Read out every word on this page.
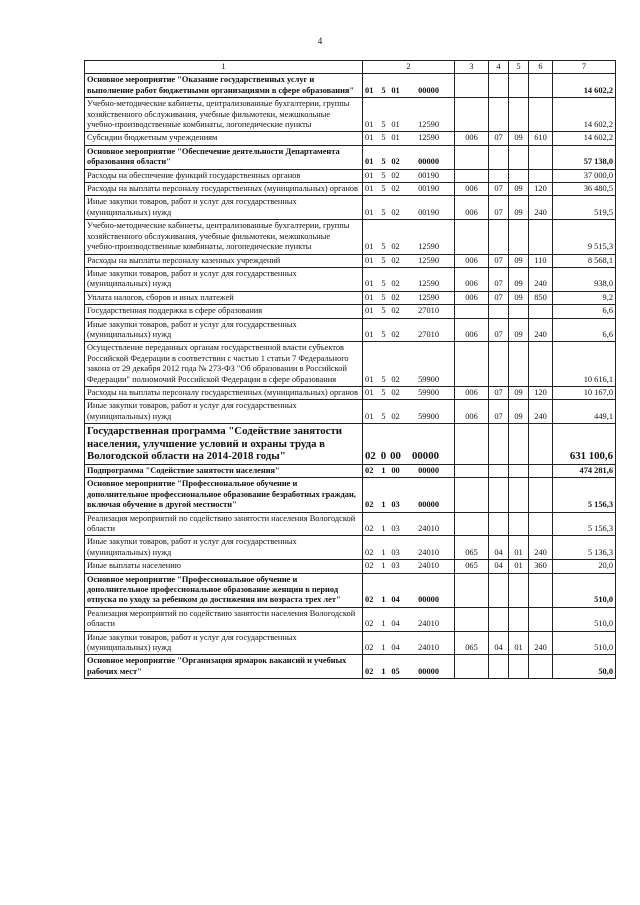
4
1	2	3	4	5	6	7
Основное мероприятие "Оказание государственных услуг и выполнение работ бюджетными организациями в сфере образования"	01 5 01 00000					14 602,2
Учебно-методические кабинеты, централизованные бухгалтерии, группы хозяйственного обслуживания, учебные фильмотеки, межшкольные учебно-производственные комбинаты, логопедические пункты	01 5 01 12590					14 602,2
Субсидии бюджетным учреждениям	01 5 01 12590	006	07	09	610	14 602,2
Основное мероприятие "Обеспечение деятельности Департамента образования области"	01 5 02 00000					57 138,0
Расходы на обеспечение функций государственных органов	01 5 02 00190					37 000,0
Расходы на выплаты персоналу государственных (муниципальных) органов	01 5 02 00190	006	07	09	120	36 480,5
Иные закупки товаров, работ и услуг для государственных (муниципальных) нужд	01 5 02 00190	006	07	09	240	519,5
Учебно-методические кабинеты, централизованные бухгалтерии, группы хозяйственного обслуживания, учебные фильмотеки, межшкольные учебно-производственные комбинаты, логопедические пункты	01 5 02 12590					9 515,3
Расходы на выплаты персоналу казенных учреждений	01 5 02 12590	006	07	09	110	8 568,1
Иные закупки товаров, работ и услуг для государственных (муниципальных) нужд	01 5 02 12590	006	07	09	240	938,0
Уплата налогов, сборов и иных платежей	01 5 02 12590	006	07	09	850	9,2
Государственная поддержка в сфере образования	01 5 02 27010					6,6
Иные закупки товаров, работ и услуг для государственных (муниципальных) нужд	01 5 02 27010	006	07	09	240	6,6
Осуществление переданных органам государственной власти субъектов Российской Федерации в соответствии с частью 1 статьи 7 Федерального закона от 29 декабря 2012 года № 273-ФЗ "Об образовании в Российской Федерации" полномочий Российской Федерации в сфере образования	01 5 02 59900					10 616,1
Расходы на выплаты персоналу государственных (муниципальных) органов	01 5 02 59900	006	07	09	120	10 167,0
Иные закупки товаров, работ и услуг для государственных (муниципальных) нужд	01 5 02 59900	006	07	09	240	449,1
Государственная программа "Содействие занятости населения, улучшение условий и охраны труда в Вологодской области на 2014-2018 годы"	02 0 00 00000					631 100,6
Подпрограмма "Содействие занятости населения"	02 1 00 00000					474 281,6
Основное мероприятие "Профессиональное обучение и дополнительное профессиональное образование безработных граждан, включая обучение в другой местности"	02 1 03 00000					5 156,3
Реализация мероприятий по содействию занятости населения Вологодской области	02 1 03 24010					5 156,3
Иные закупки товаров, работ и услуг для государственных (муниципальных) нужд	02 1 03 24010	065	04	01	240	5 136,3
Иные выплаты населению	02 1 03 24010	065	04	01	360	20,0
Основное мероприятие "Профессиональное обучение и дополнительное профессиональное образование женщин в период отпуска по уходу за ребенком до достижения им возраста трех лет"	02 1 04 00000					510,0
Реализация мероприятий по содействию занятости населения Вологодской области	02 1 04 24010					510,0
Иные закупки товаров, работ и услуг для государственных (муниципальных) нужд	02 1 04 24010	065	04	01	240	510,0
Основное мероприятие "Организация ярмарок вакансий и учебных рабочих мест"	02 1 05 00000					50,0
